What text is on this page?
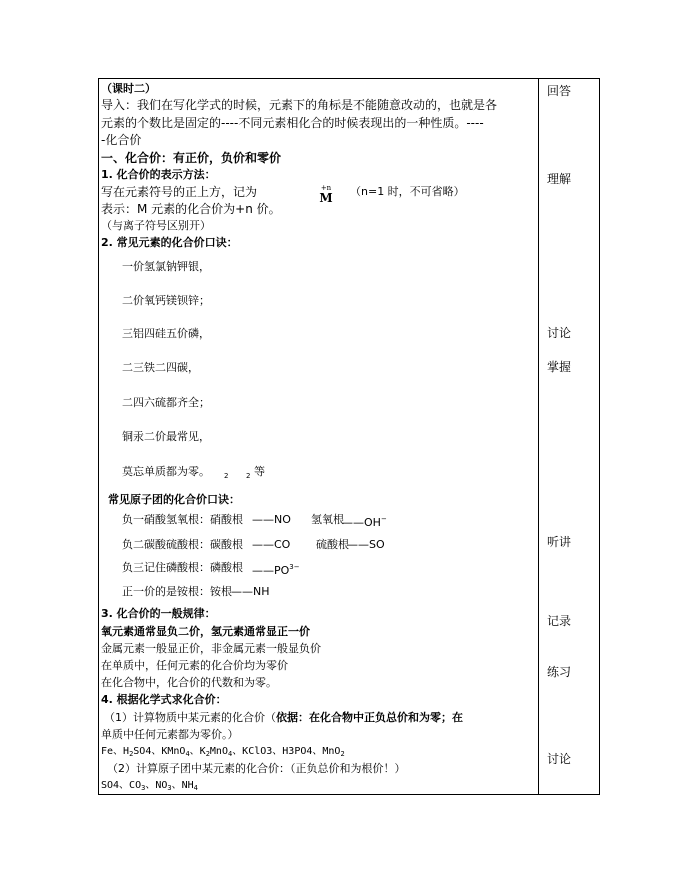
回答
理解
讨论
掌握
听讲
记录
练习
讨论
（课时二）
导入：我们在写化学式的时候，元素下的角标是不能随意改动的，也就是各
元素的个数比是固定的----不同元素相化合的时候表现出的一种性质。----
-化合价
一、化合价：有正价，负价和零价
1. 化合价的表示方法：
写在元素符号的正上方，记为	+n
M （n=1 时，不可省略）
表示：M 元素的化合价为+n 价。
（与离子符号区别开）
2. 常见元素的化合价口诀：
一价氢氯钠钾银，
二价氧钙镁钡锌；
三铝四硅五价磷，
二三铁二四碳，
二四六硫都齐全；
铜汞二价最常见，
莫忘单质都为零。 2	2 等
常见原子团的化合价口诀：
负一硝酸氢氧根：硝酸根 ——NO 氢氧根
——OH−
负二碳酸硫酸根：碳酸根 ——CO 硫酸根
——SO
负三记住磷酸根：磷酸根 $——PO^{3-}$
正一价的是铵根：铵根 ——NH
3. 化合价的一般规律：
氧元素通常显负二价，氢元素通常显正一价
金属元素一般显正价，非金属元素一般显负价
在单质中，任何元素的化合价均为零价
在化合物中，化合价的代数和为零。
4. 根据化学式求化合价：
（1）计算物质中某元素的化合价（依据：在化合物中正负总价和为零；在
单质中任何元素都为零价。）
Fe、$H_2SO4$、KMnO$_4$、$K_2MnO_4$、KClO3、H3PO4、MnO$_2$
（2）计算原子团中某元素的化合价：（正负总价和为根价！）
SO4、$CO_3$、$NO_3$、$NH_4$
